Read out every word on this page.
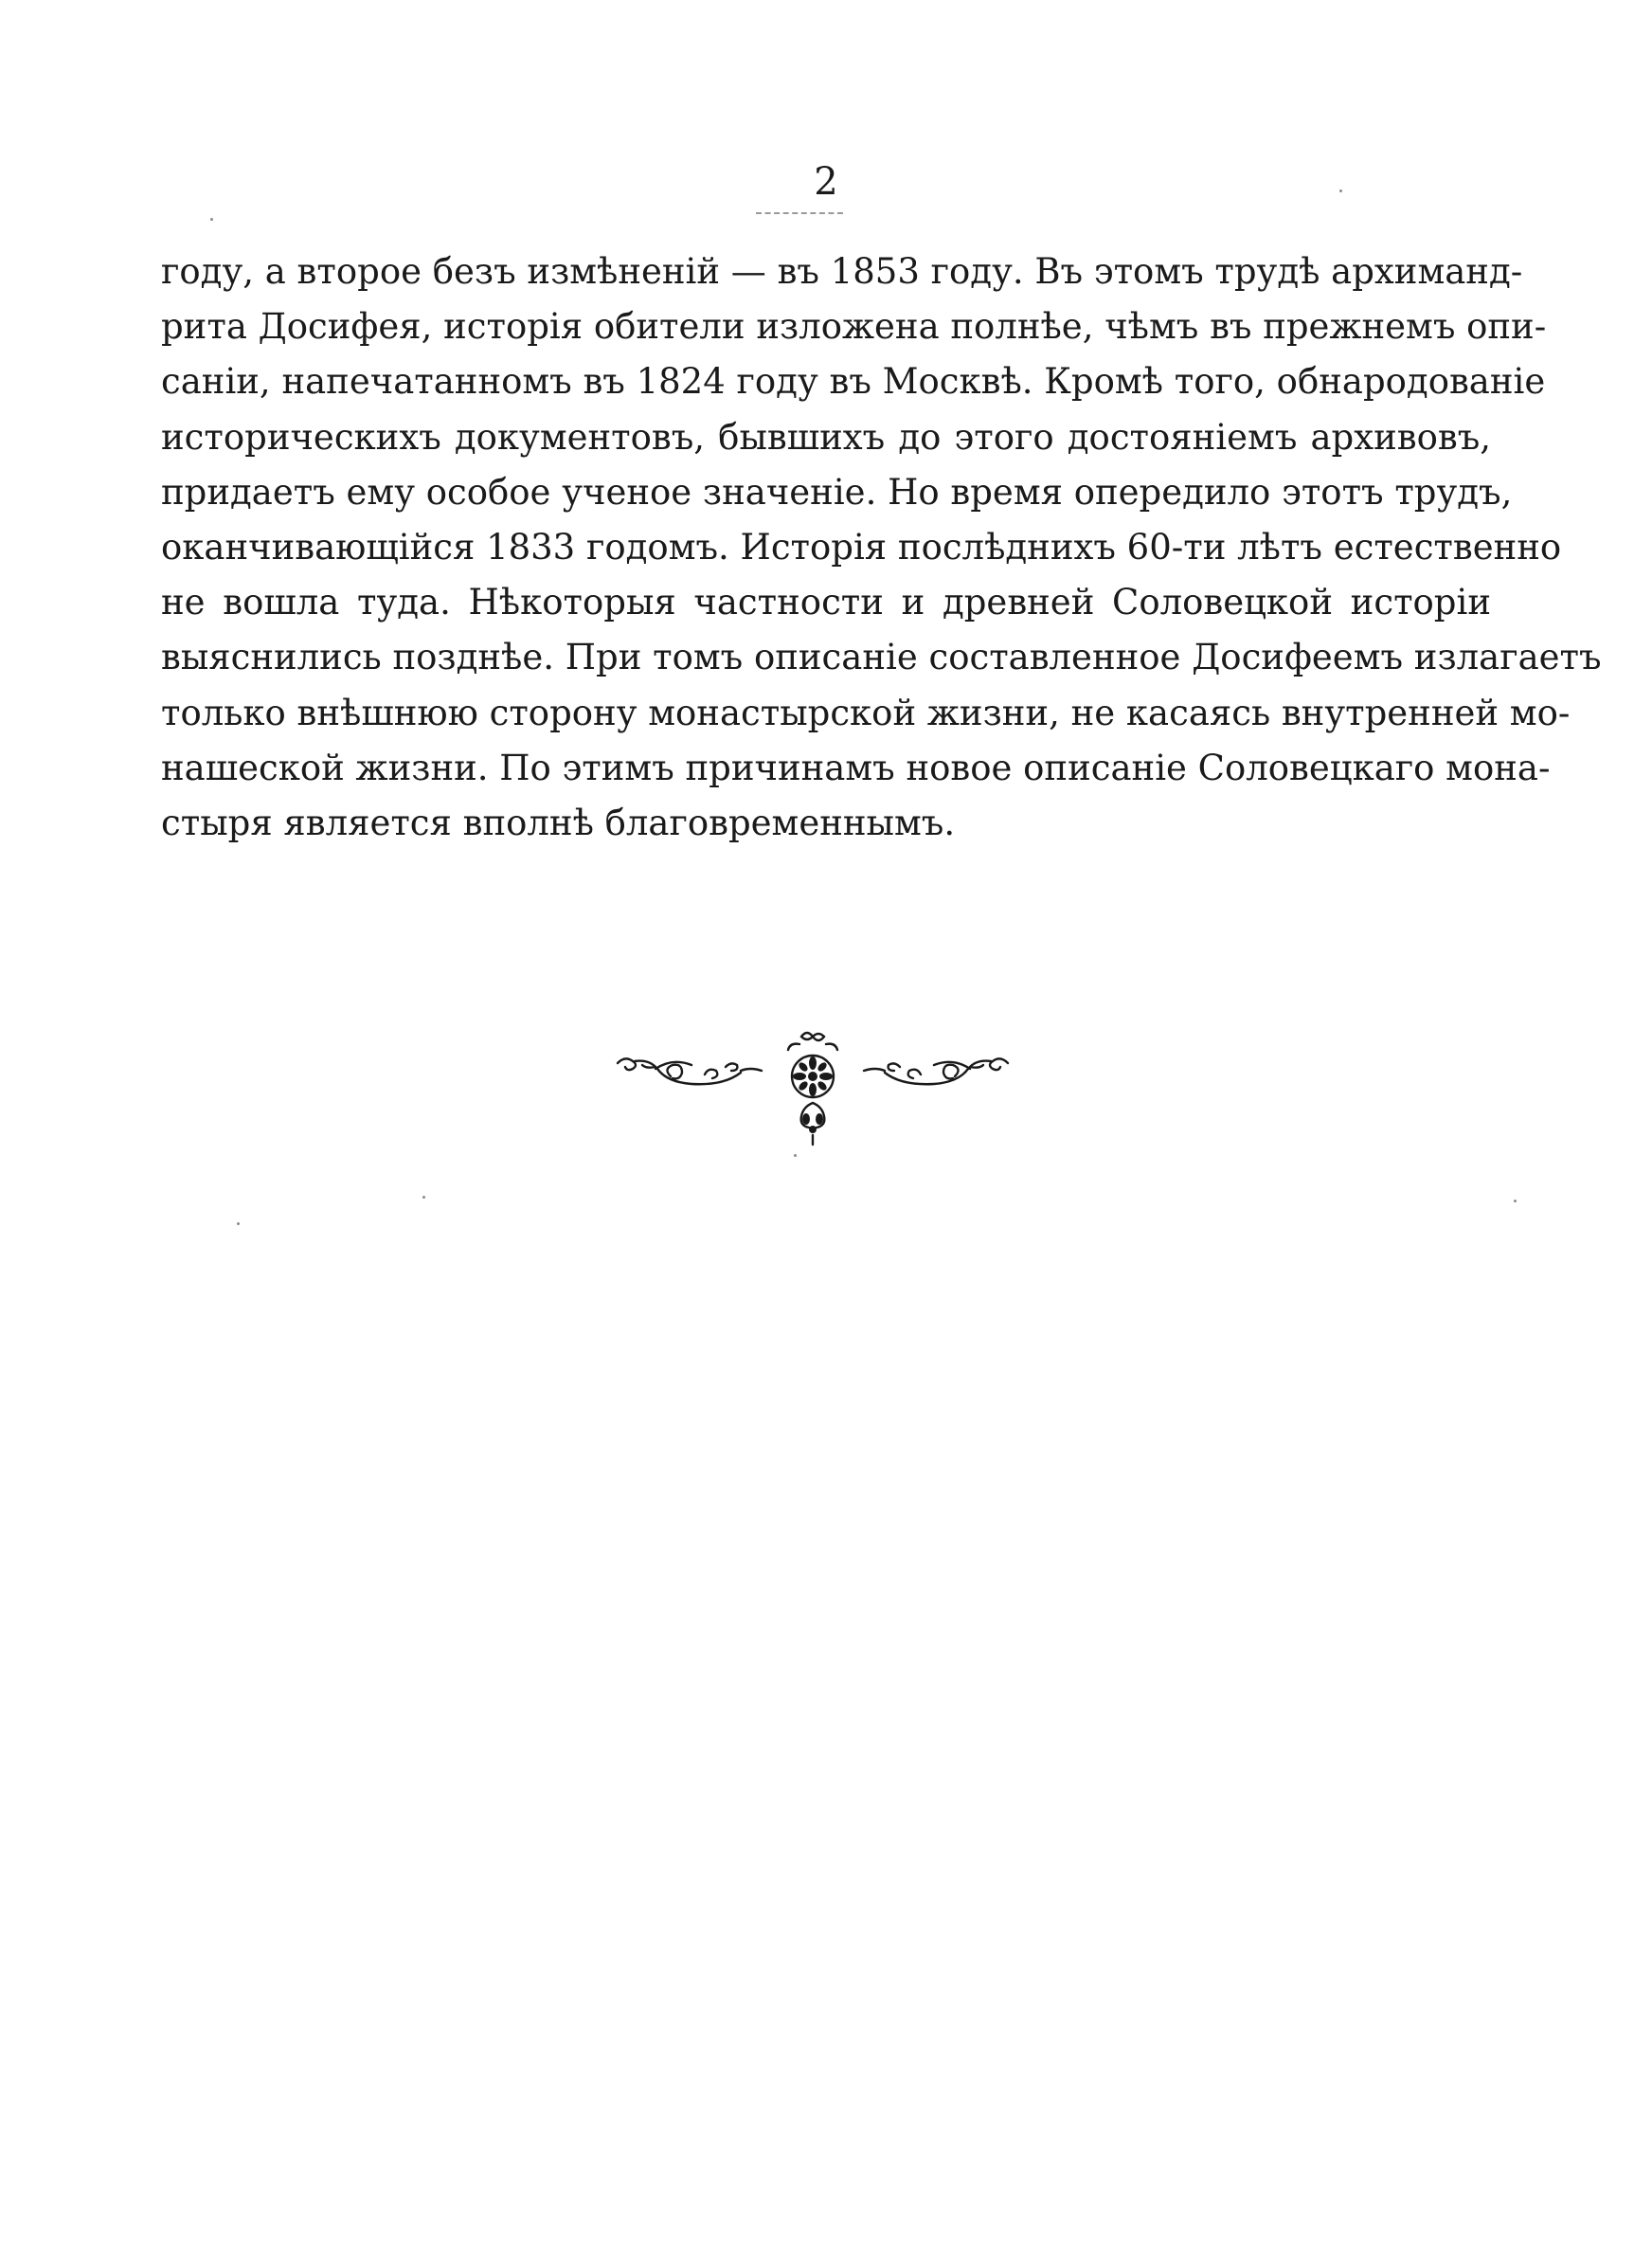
2
году, а второе безъ измѣненій — въ 1853 году. Въ этомъ трудѣ архиманд-
рита Досифея, исторія обители изложена полнѣе, чѣмъ въ прежнемъ опи-
саніи, напечатанномъ въ 1824 году въ Москвѣ. Кромѣ того, обнародованіе
историческихъ документовъ, бывшихъ до этого достояніемъ архивовъ,
придаетъ ему особое ученое значеніе. Но время опередило этотъ трудъ,
оканчивающійся 1833 годомъ. Исторія послѣднихъ 60-ти лѣтъ естественно
не вошла туда. Нѣкоторыя частности и древней Соловецкой исторіи
выяснились позднѣе. При томъ описаніе составленное Досифеемъ излагаетъ
только внѣшнюю сторону монастырской жизни, не касаясь внутренней мо-
нашеской жизни. По этимъ причинамъ новое описаніе Соловецкаго мона-
стыря является вполнѣ благовременнымъ.
